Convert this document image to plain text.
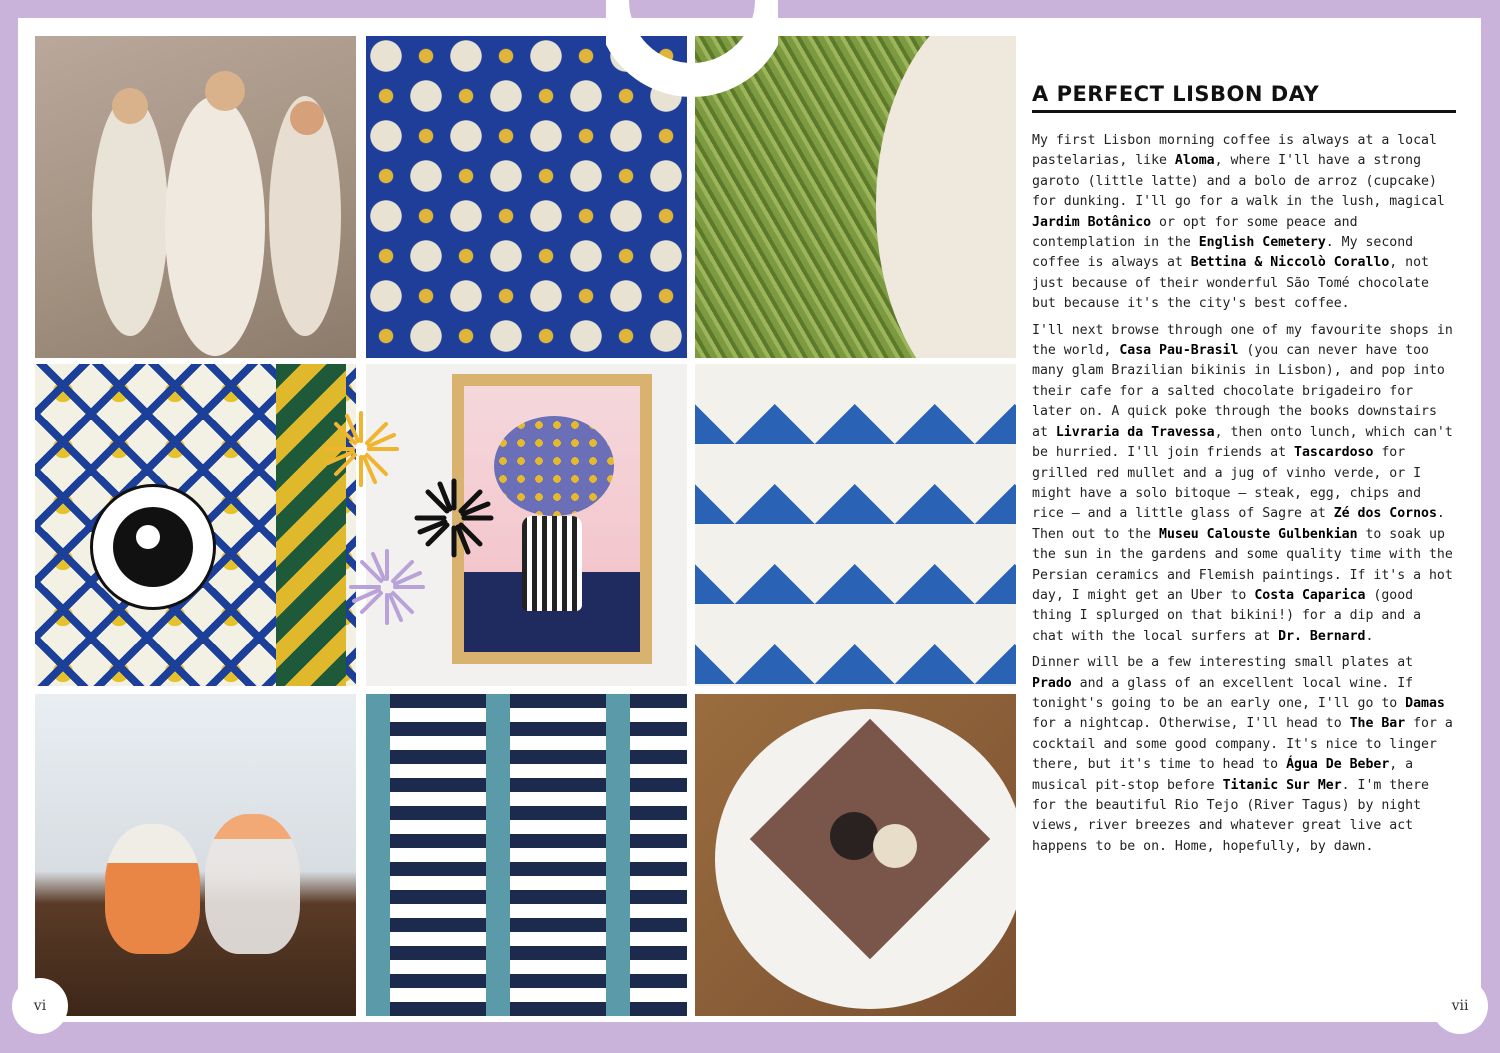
vi	vii
A PERFECT LISBON DAY

My first Lisbon morning coffee is always at a local pastelarias, like Aloma, where I'll have a strong garoto (little latte) and a bolo de arroz (cupcake) for dunking. I'll go for a walk in the lush, magical Jardim Botânico or opt for some peace and contemplation in the English Cemetery. My second coffee is always at Bettina & Niccolò Corallo, not just because of their wonderful São Tomé chocolate but because it's the city's best coffee.

I'll next browse through one of my favourite shops in the world, Casa Pau-Brasil (you can never have too many glam Brazilian bikinis in Lisbon), and pop into their cafe for a salted chocolate brigadeiro for later on. A quick poke through the books downstairs at Livraria da Travessa, then onto lunch, which can't be hurried. I'll join friends at Tascardoso for grilled red mullet and a jug of vinho verde, or I might have a solo bitoque – steak, egg, chips and rice – and a little glass of Sagre at Zé dos Cornos. Then out to the Museu Calouste Gulbenkian to soak up the sun in the gardens and some quality time with the Persian ceramics and Flemish paintings. If it's a hot day, I might get an Uber to Costa Caparica (good thing I splurged on that bikini!) for a dip and a chat with the local surfers at Dr. Bernard.

Dinner will be a few interesting small plates at Prado and a glass of an excellent local wine. If tonight's going to be an early one, I'll go to Damas for a nightcap. Otherwise, I'll head to The Bar for a cocktail and some good company. It's nice to linger there, but it's time to head to Água De Beber, a musical pit-stop before Titanic Sur Mer. I'm there for the beautiful Rio Tejo (River Tagus) by night views, river breezes and whatever great live act happens to be on. Home, hopefully, by dawn.
